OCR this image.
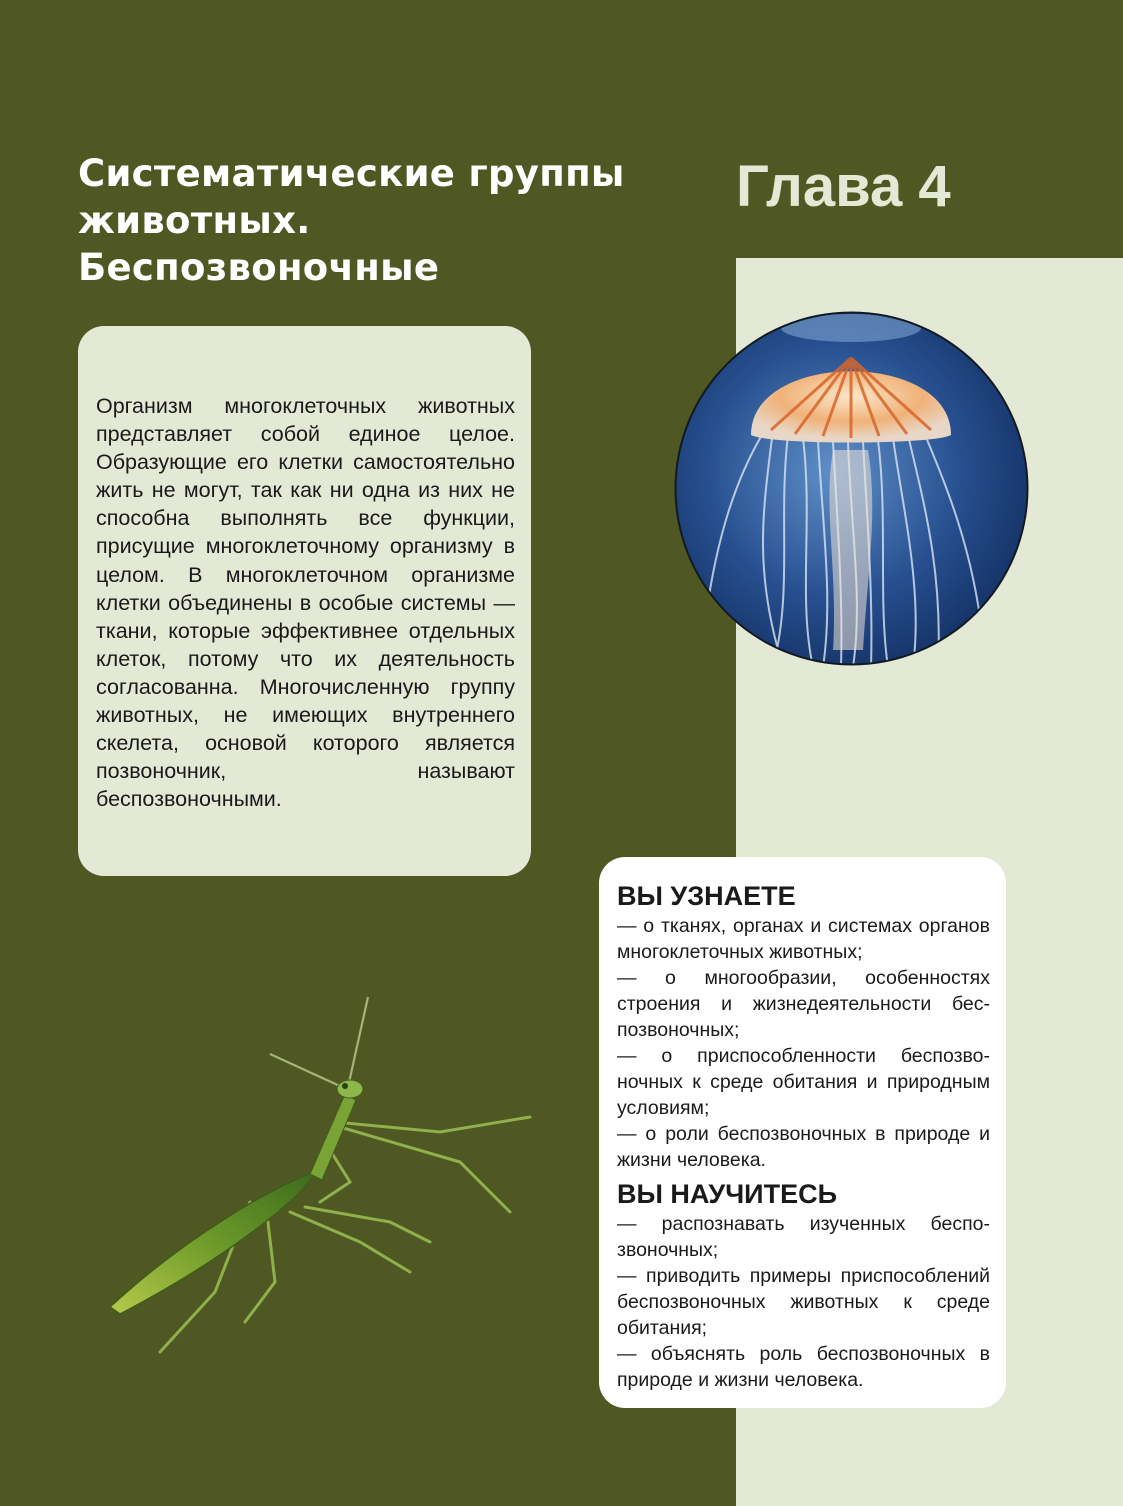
Систематические группы
животных.
Беспозвоночные
Глава 4

Организм многоклеточных животных представляет собой единое целое. Образующие его клетки самостоятельно жить не могут, так как ни одна из них не способна выполнять все функции, присущие многоклеточному организму в целом. В многоклеточном организме клетки объединены в особые системы — ткани, которые эффективнее отдельных клеток, потому что их деятельность согласованна. Многочисленную группу животных, не имеющих внутреннего скелета, основой которого является позвоночник, называют беспозвоночными.

ВЫ УЗНАЕТЕ
— о тканях, органах и системах органов многоклеточных животных;
— о многообразии, особенностях строения и жизнедеятельности беспозвоночных;
— о приспособленности беспозвоночных к среде обитания и природным условиям;
— о роли беспозвоночных в природе и жизни человека.
ВЫ НАУЧИТЕСЬ
— распознавать изученных беспозвоночных;
— приводить примеры приспособлений беспозвоночных животных к среде обитания;
— объяснять роль беспозвоночных в природе и жизни человека.
